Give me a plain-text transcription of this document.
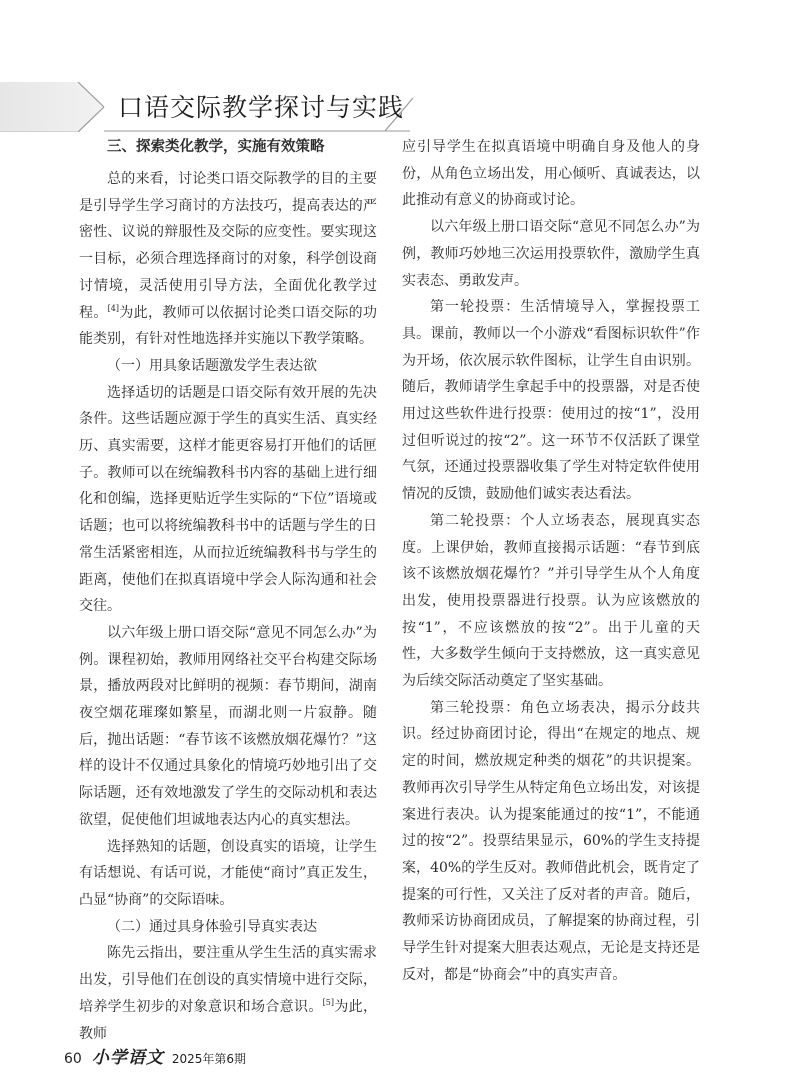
口语交际教学探讨与实践

三、探索类化教学，实施有效策略

总的来看，讨论类口语交际教学的目的主要是引导学生学习商讨的方法技巧，提高表达的严密性、议说的辩服性及交际的应变性。要实现这一目标，必须合理选择商讨的对象，科学创设商讨情境，灵活使用引导方法，全面优化教学过程。[4]为此，教师可以依据讨论类口语交际的功能类别，有针对性地选择并实施以下教学策略。

（一）用具象话题激发学生表达欲

选择适切的话题是口语交际有效开展的先决条件。这些话题应源于学生的真实生活、真实经历、真实需要，这样才能更容易打开他们的话匣子。教师可以在统编教科书内容的基础上进行细化和创编，选择更贴近学生实际的“下位”语境或话题；也可以将统编教科书中的话题与学生的日常生活紧密相连，从而拉近统编教科书与学生的距离，使他们在拟真语境中学会人际沟通和社会交往。

以六年级上册口语交际“意见不同怎么办”为例。课程初始，教师用网络社交平台构建交际场景，播放两段对比鲜明的视频：春节期间，湖南夜空烟花璀璨如繁星，而湖北则一片寂静。随后，抛出话题：“春节该不该燃放烟花爆竹？”这样的设计不仅通过具象化的情境巧妙地引出了交际话题，还有效地激发了学生的交际动机和表达欲望，促使他们坦诚地表达内心的真实想法。

选择熟知的话题，创设真实的语境，让学生有话想说、有话可说，才能使“商讨”真正发生，凸显“协商”的交际语味。

（二）通过具身体验引导真实表达

陈先云指出，要注重从学生生活的真实需求出发，引导他们在创设的真实情境中进行交际，培养学生初步的对象意识和场合意识。[5]为此，教师

应引导学生在拟真语境中明确自身及他人的身份，从角色立场出发，用心倾听、真诚表达，以此推动有意义的协商或讨论。

以六年级上册口语交际“意见不同怎么办”为例，教师巧妙地三次运用投票软件，激励学生真实表态、勇敢发声。

第一轮投票：生活情境导入，掌握投票工具。课前，教师以一个小游戏“看图标识软件”作为开场，依次展示软件图标，让学生自由识别。随后，教师请学生拿起手中的投票器，对是否使用过这些软件进行投票：使用过的按“1”，没用过但听说过的按“2”。这一环节不仅活跃了课堂气氛，还通过投票器收集了学生对特定软件使用情况的反馈，鼓励他们诚实表达看法。

第二轮投票：个人立场表态，展现真实态度。上课伊始，教师直接揭示话题：“春节到底该不该燃放烟花爆竹？”并引导学生从个人角度出发，使用投票器进行投票。认为应该燃放的按“1”，不应该燃放的按“2”。出于儿童的天性，大多数学生倾向于支持燃放，这一真实意见为后续交际活动奠定了坚实基础。

第三轮投票：角色立场表决，揭示分歧共识。经过协商团讨论，得出“在规定的地点、规定的时间，燃放规定种类的烟花”的共识提案。教师再次引导学生从特定角色立场出发，对该提案进行表决。认为提案能通过的按“1”，不能通过的按“2”。投票结果显示，60%的学生支持提案，40%的学生反对。教师借此机会，既肯定了提案的可行性，又关注了反对者的声音。随后，教师采访协商团成员，了解提案的协商过程，引导学生针对提案大胆表达观点，无论是支持还是反对，都是“协商会”中的真实声音。

60 小学语文 2025年第6期
